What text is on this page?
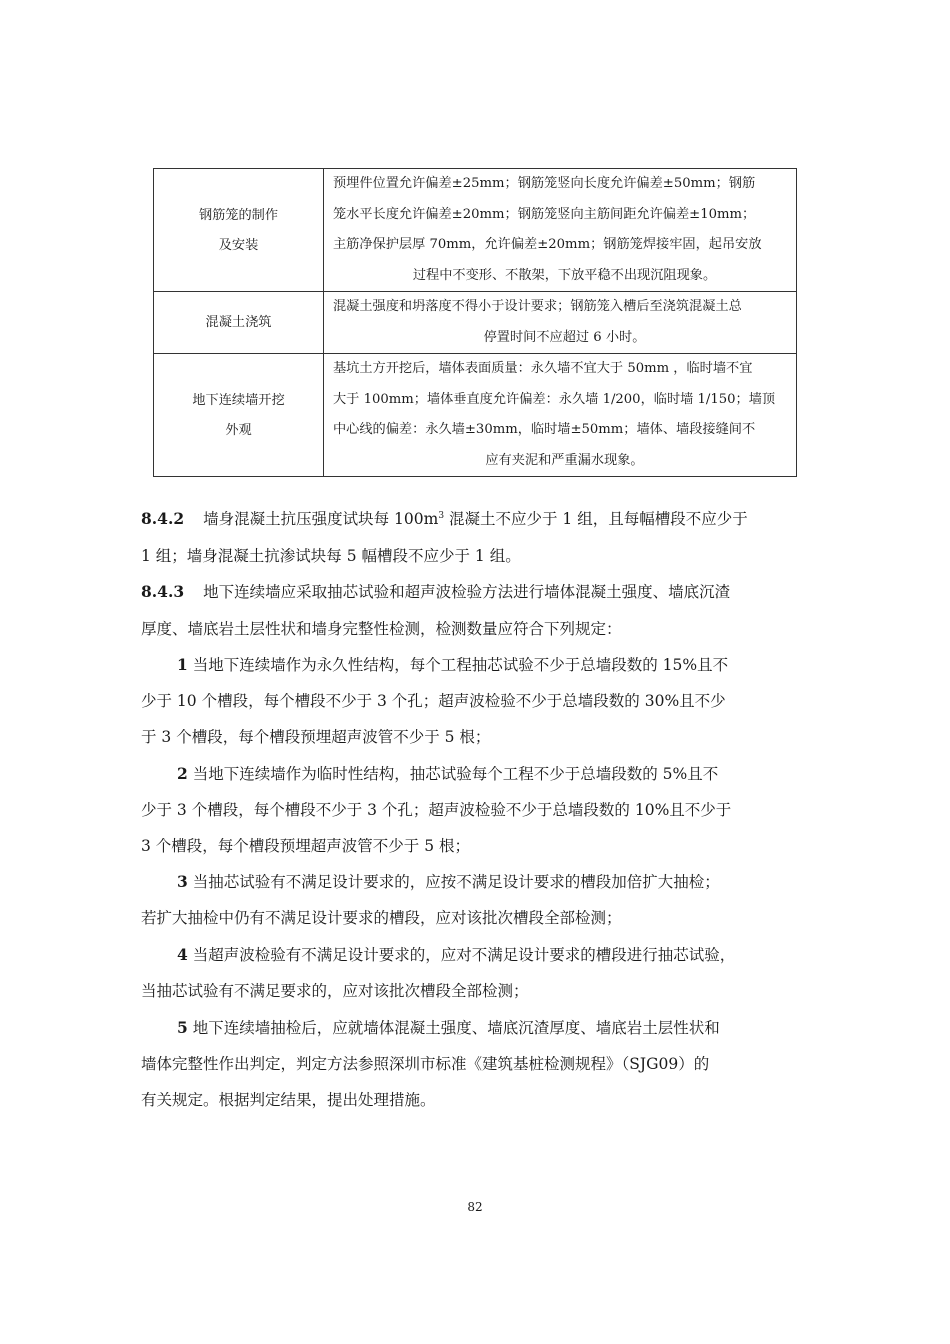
钢筋笼的制作
及安装	预埋件位置允许偏差±25mm；钢筋笼竖向长度允许偏差±50mm；钢筋
笼水平长度允许偏差±20mm；钢筋笼竖向主筋间距允许偏差±10mm；
主筋净保护层厚 70mm，允许偏差±20mm；钢筋笼焊接牢固，起吊安放
过程中不变形、不散架，下放平稳不出现沉阻现象。

混凝土浇筑	混凝土强度和坍落度不得小于设计要求；钢筋笼入槽后至浇筑混凝土总
停置时间不应超过 6 小时。

地下连续墙开挖
外观	基坑土方开挖后，墙体表面质量：永久墙不宜大于 50mm ，临时墙不宜
大于 100mm；墙体垂直度允许偏差：永久墙 1/200，临时墙 1/150；墙顶
中心线的偏差：永久墙±30mm，临时墙±50mm；墙体、墙段接缝间不
应有夹泥和严重漏水现象。
8.4.2 墙身混凝土抗压强度试块每 $100m^3$ 混凝土不应少于 1 组，且每幅槽段不应少于
1 组；墙身混凝土抗渗试块每 5 幅槽段不应少于 1 组。
8.4.3 地下连续墙应采取抽芯试验和超声波检验方法进行墙体混凝土强度、墙底沉渣
厚度、墙底岩土层性状和墙身完整性检测，检测数量应符合下列规定：
1 当地下连续墙作为永久性结构，每个工程抽芯试验不少于总墙段数的 15%且不
少于 10 个槽段，每个槽段不少于 3 个孔；超声波检验不少于总墙段数的 30%且不少
于 3 个槽段，每个槽段预埋超声波管不少于 5 根；
2 当地下连续墙作为临时性结构，抽芯试验每个工程不少于总墙段数的 5%且不
少于 3 个槽段，每个槽段不少于 3 个孔；超声波检验不少于总墙段数的 10%且不少于
3 个槽段，每个槽段预埋超声波管不少于 5 根；
3 当抽芯试验有不满足设计要求的，应按不满足设计要求的槽段加倍扩大抽检；
若扩大抽检中仍有不满足设计要求的槽段，应对该批次槽段全部检测；
4 当超声波检验有不满足设计要求的，应对不满足设计要求的槽段进行抽芯试验，
当抽芯试验有不满足要求的，应对该批次槽段全部检测；
5 地下连续墙抽检后，应就墙体混凝土强度、墙底沉渣厚度、墙底岩土层性状和
墙体完整性作出判定，判定方法参照深圳市标准《建筑基桩检测规程》（SJG09）的
有关规定。根据判定结果，提出处理措施。
82
